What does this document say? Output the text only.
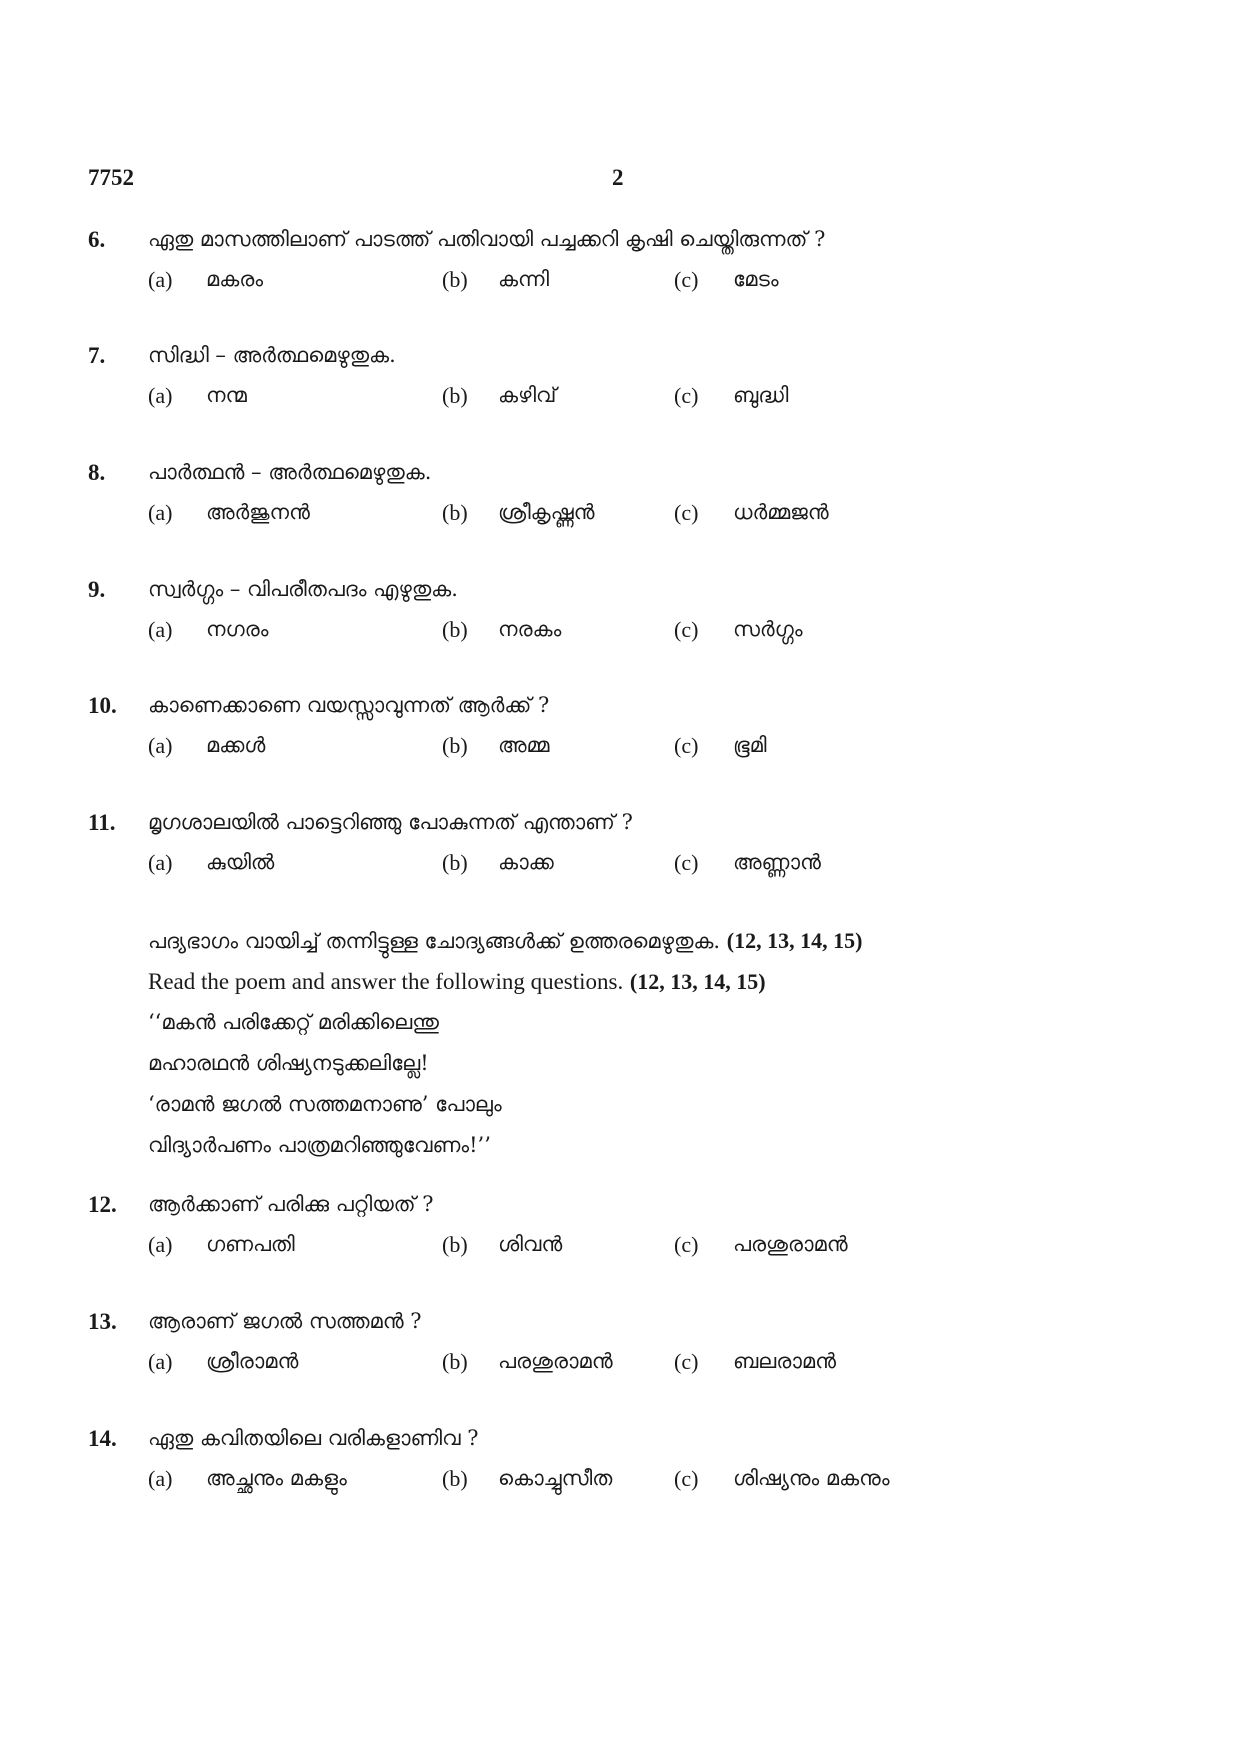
7752	2
6. ഏതു മാസത്തിലാണ് പാടത്ത് പതിവായി പച്ചക്കറി കൃഷി ചെയ്തിരുന്നത് ?
(a) മകരം	(b) കന്നി	(c) മേടം
7. സിദ്ധി – അർത്ഥമെഴുതുക.
(a) നന്മ	(b) കഴിവ്	(c) ബുദ്ധി
8. പാർത്ഥൻ – അർത്ഥമെഴുതുക.
(a) അർജുനൻ	(b) ശ്രീകൃഷ്ണൻ	(c) ധർമ്മജൻ
9. സ്വർഗ്ഗം – വിപരീതപദം എഴുതുക.
(a) നഗരം	(b) നരകം	(c) സർഗ്ഗം
10. കാണെക്കാണെ വയസ്സാവുന്നത് ആർക്ക് ?
(a) മക്കൾ	(b) അമ്മ	(c) ഭൂമി
11. മൃഗശാലയിൽ പാട്ടെറിഞ്ഞു പോകുന്നത് എന്താണ് ?
(a) കുയിൽ	(b) കാക്ക	(c) അണ്ണാൻ
പദ്യഭാഗം വായിച്ച് തന്നിട്ടുള്ള ചോദ്യങ്ങൾക്ക് ഉത്തരമെഴുതുക. (12, 13, 14, 15)
Read the poem and answer the following questions. (12, 13, 14, 15)
‘‘മകൻ പരിക്കേറ്റ് മരിക്കിലെന്തു
മഹാരഥൻ ശിഷ്യനടുക്കലില്ലേ!
‘രാമൻ ജഗൽ സത്തമനാണു’ പോലും
വിദ്യാർപണം പാത്രമറിഞ്ഞുവേണം!’’
12. ആർക്കാണ് പരിക്കു പറ്റിയത് ?
(a) ഗണപതി	(b) ശിവൻ	(c) പരശുരാമൻ
13. ആരാണ് ജഗൽ സത്തമൻ ?
(a) ശ്രീരാമൻ	(b) പരശുരാമൻ	(c) ബലരാമൻ
14. ഏതു കവിതയിലെ വരികളാണിവ ?
(a) അച്ഛനും മകളും	(b) കൊച്ചുസീത	(c) ശിഷ്യനും മകനും
